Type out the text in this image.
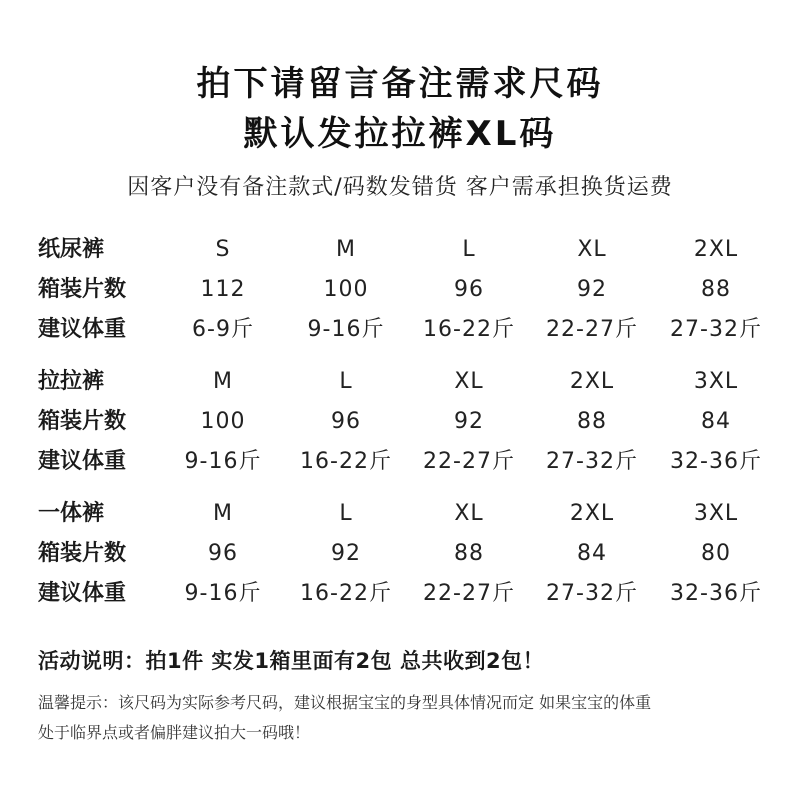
拍下请留言备注需求尺码
默认发拉拉裤XL码
因客户没有备注款式/码数发错货 客户需承担换货运费
纸尿裤	S	M	L	XL	2XL
箱装片数	112	100	96	92	88
建议体重	6-9斤	9-16斤	16-22斤	22-27斤	27-32斤
拉拉裤	M	L	XL	2XL	3XL
箱装片数	100	96	92	88	84
建议体重	9-16斤	16-22斤	22-27斤	27-32斤	32-36斤
一体裤	M	L	XL	2XL	3XL
箱装片数	96	92	88	84	80
建议体重	9-16斤	16-22斤	22-27斤	27-32斤	32-36斤
活动说明：拍1件 实发1箱里面有2包 总共收到2包！
温馨提示：该尺码为实际参考尺码，建议根据宝宝的身型具体情况而定 如果宝宝的体重
处于临界点或者偏胖建议拍大一码哦！
